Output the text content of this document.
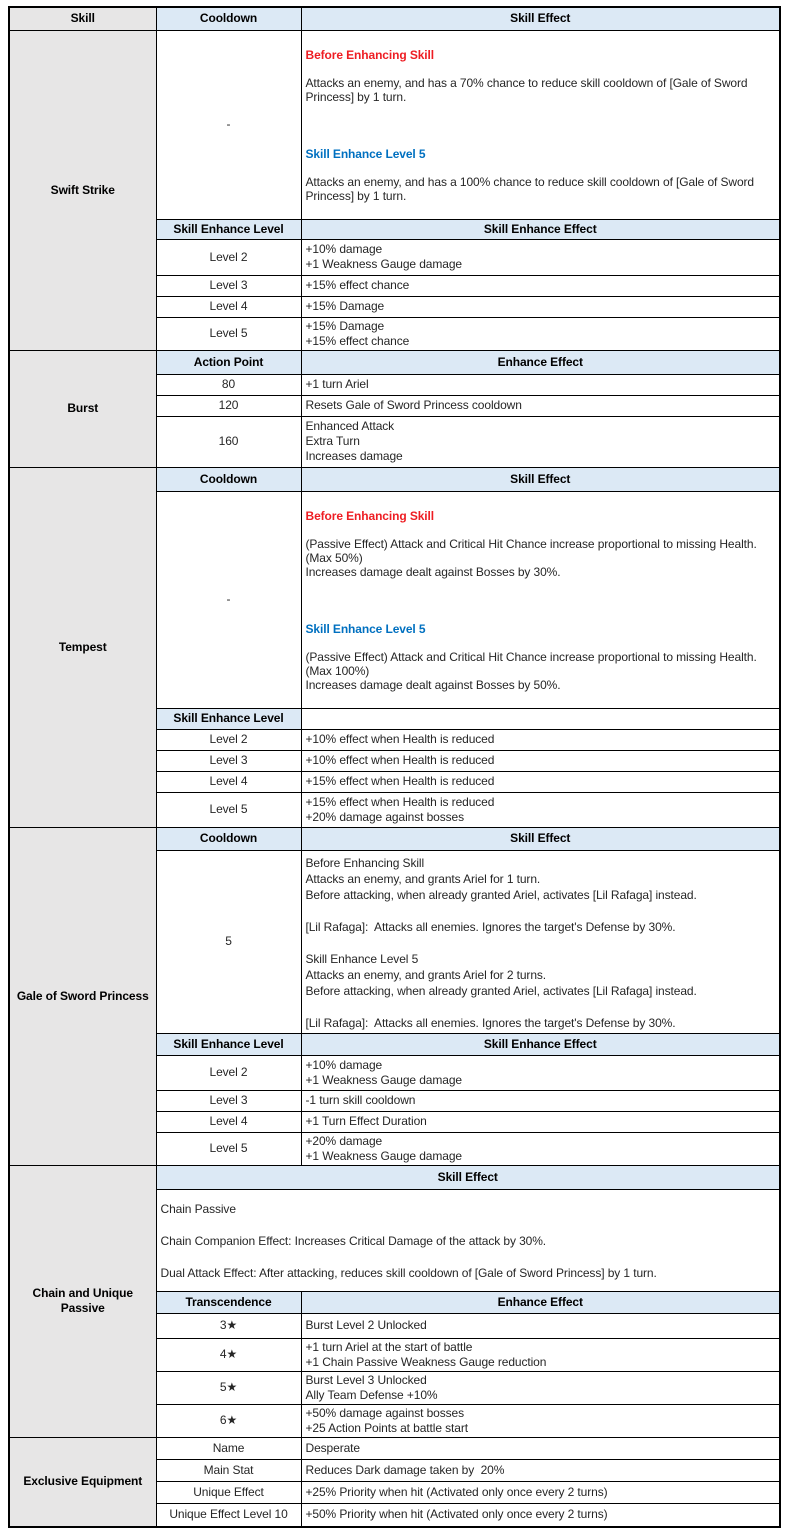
Skill	Cooldown	Skill Effect
Swift Strike	-	

Before Enhancing Skill

Attacks an enemy, and has a 70% chance to reduce skill cooldown of [Gale of Sword
Princess] by 1 turn.

Skill Enhance Level 5

Attacks an enemy, and has a 100% chance to reduce skill cooldown of [Gale of Sword
Princess] by 1 turn.

	Skill Enhance Level	Skill Enhance Effect
	Level 2	+10% damage
+1 Weakness Gauge damage
	Level 3	+15% effect chance
	Level 4	+15% Damage
	Level 5	+15% Damage
+15% effect chance
Burst	Action Point	Enhance Effect
	80	+1 turn Ariel
	120	Resets Gale of Sword Princess cooldown
	160	Enhanced Attack
Extra Turn
Increases damage
Tempest	Cooldown	Skill Effect
-	

Before Enhancing Skill

(Passive Effect) Attack and Critical Hit Chance increase proportional to missing Health.
(Max 50%)
Increases damage dealt against Bosses by 30%.

Skill Enhance Level 5

(Passive Effect) Attack and Critical Hit Chance increase proportional to missing Health.
(Max 100%)
Increases damage dealt against Bosses by 50%.

	Skill Enhance Level	
	Level 2	+10% effect when Health is reduced
	Level 3	+10% effect when Health is reduced
	Level 4	+15% effect when Health is reduced
	Level 5	+15% effect when Health is reduced
+20% damage against bosses
Gale of Sword Princess	Cooldown	Skill Effect
5	Before Enhancing Skill
Attacks an enemy, and grants Ariel for 1 turn.
Before attacking, when already granted Ariel, activates [Lil Rafaga] instead.

[Lil Rafaga]:  Attacks all enemies. Ignores the target's Defense by 30%.

Skill Enhance Level 5
Attacks an enemy, and grants Ariel for 2 turns.
Before attacking, when already granted Ariel, activates [Lil Rafaga] instead.

[Lil Rafaga]:  Attacks all enemies. Ignores the target's Defense by 30%.
	Skill Enhance Level	Skill Enhance Effect
	Level 2	+10% damage
+1 Weakness Gauge damage
	Level 3	-1 turn skill cooldown
	Level 4	+1 Turn Effect Duration
	Level 5	+20% damage
+1 Weakness Gauge damage
Chain and Unique Passive	Skill Effect	
	Chain Passive

Chain Companion Effect: Increases Critical Damage of the attack by 30%.

Dual Attack Effect: After attacking, reduces skill cooldown of [Gale of Sword Princess] by 1 turn.	
	Transcendence	Enhance Effect
	3★	Burst Level 2 Unlocked
	4★	+1 turn Ariel at the start of battle
+1 Chain Passive Weakness Gauge reduction
	5★	Burst Level 3 Unlocked
Ally Team Defense +10%
	6★	+50% damage against bosses
+25 Action Points at battle start
Exclusive Equipment	Name	Desperate
	Main Stat	Reduces Dark damage taken by  20%
	Unique Effect	+25% Priority when hit (Activated only once every 2 turns)
	Unique Effect Level 10	+50% Priority when hit (Activated only once every 2 turns)
